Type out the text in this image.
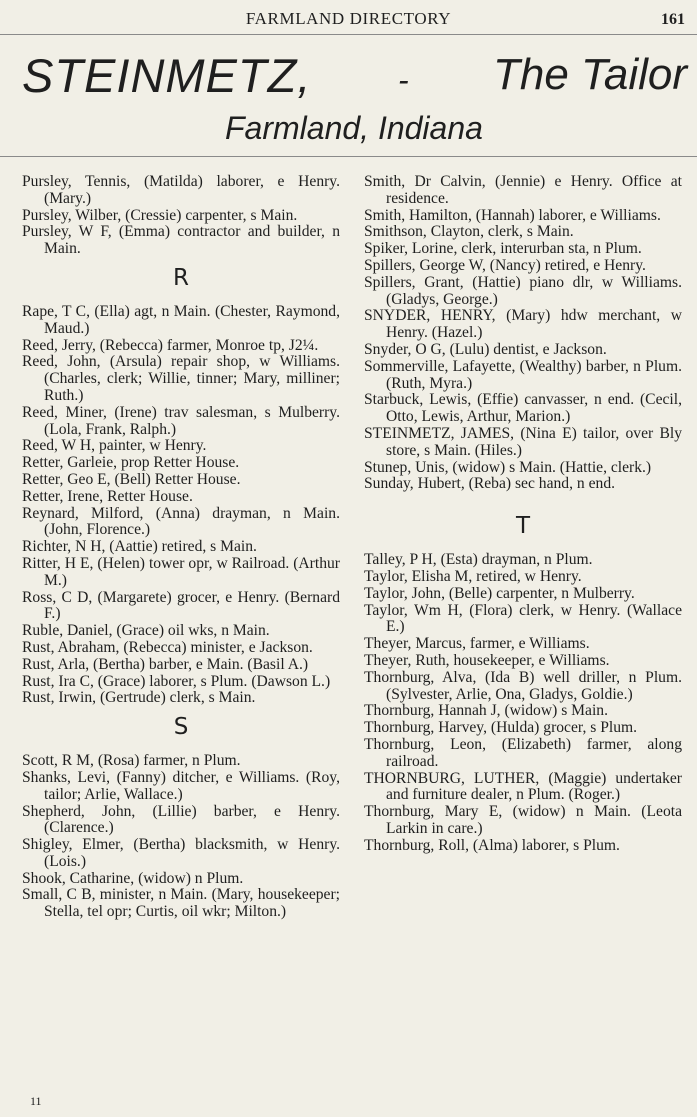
FARMLAND DIRECTORY	161
STEINMETZ,	- The Tailor
Farmland, Indiana

Pursley, Tennis, (Matilda) laborer, e Henry. (Mary.)

Pursley, Wilber, (Cressie) carpenter, s Main.

Pursley, W F, (Emma) contractor and builder, n Main.

R

Rape, T C, (Ella) agt, n Main. (Chester, Raymond, Maud.)

Reed, Jerry, (Rebecca) farmer, Monroe tp, J2¼.

Reed, John, (Arsula) repair shop, w Williams. (Charles, clerk; Willie, tinner; Mary, milliner; Ruth.)

Reed, Miner, (Irene) trav salesman, s Mulberry. (Lola, Frank, Ralph.)

Reed, W H, painter, w Henry.

Retter, Garleie, prop Retter House.

Retter, Geo E, (Bell) Retter House.

Retter, Irene, Retter House.

Reynard, Milford, (Anna) drayman, n Main. (John, Florence.)

Richter, N H, (Aattie) retired, s Main.

Ritter, H E, (Helen) tower opr, w Railroad. (Arthur M.)

Ross, C D, (Margarete) grocer, e Henry. (Bernard F.)

Ruble, Daniel, (Grace) oil wks, n Main.

Rust, Abraham, (Rebecca) minister, e Jackson.

Rust, Arla, (Bertha) barber, e Main. (Basil A.)

Rust, Ira C, (Grace) laborer, s Plum. (Dawson L.)

Rust, Irwin, (Gertrude) clerk, s Main.

S

Scott, R M, (Rosa) farmer, n Plum.

Shanks, Levi, (Fanny) ditcher, e Williams. (Roy, tailor; Arlie, Wallace.)

Shepherd, John, (Lillie) barber, e Henry. (Clarence.)

Shigley, Elmer, (Bertha) blacksmith, w Henry. (Lois.)

Shook, Catharine, (widow) n Plum.

Small, C B, minister, n Main. (Mary, housekeeper; Stella, tel opr; Curtis, oil wkr; Milton.)

Smith, Dr Calvin, (Jennie) e Henry. Office at residence.

Smith, Hamilton, (Hannah) laborer, e Williams.

Smithson, Clayton, clerk, s Main.

Spiker, Lorine, clerk, interurban sta, n Plum.

Spillers, George W, (Nancy) retired, e Henry.

Spillers, Grant, (Hattie) piano dlr, w Williams. (Gladys, George.)

SNYDER, HENRY, (Mary) hdw merchant, w Henry. (Hazel.)

Snyder, O G, (Lulu) dentist, e Jackson.

Sommerville, Lafayette, (Wealthy) barber, n Plum. (Ruth, Myra.)

Starbuck, Lewis, (Effie) canvasser, n end. (Cecil, Otto, Lewis, Arthur, Marion.)

STEINMETZ, JAMES, (Nina E) tailor, over Bly store, s Main. (Hiles.)

Stunep, Unis, (widow) s Main. (Hattie, clerk.)

Sunday, Hubert, (Reba) sec hand, n end.

T

Talley, P H, (Esta) drayman, n Plum.

Taylor, Elisha M, retired, w Henry.

Taylor, John, (Belle) carpenter, n Mulberry.

Taylor, Wm H, (Flora) clerk, w Henry. (Wallace E.)

Theyer, Marcus, farmer, e Williams.

Theyer, Ruth, housekeeper, e Williams.

Thornburg, Alva, (Ida B) well driller, n Plum. (Sylvester, Arlie, Ona, Gladys, Goldie.)

Thornburg, Hannah J, (widow) s Main.

Thornburg, Harvey, (Hulda) grocer, s Plum.

Thornburg, Leon, (Elizabeth) farmer, along railroad.

THORNBURG, LUTHER, (Maggie) undertaker and furniture dealer, n Plum. (Roger.)

Thornburg, Mary E, (widow) n Main. (Leota Larkin in care.)

Thornburg, Roll, (Alma) laborer, s Plum.

11
